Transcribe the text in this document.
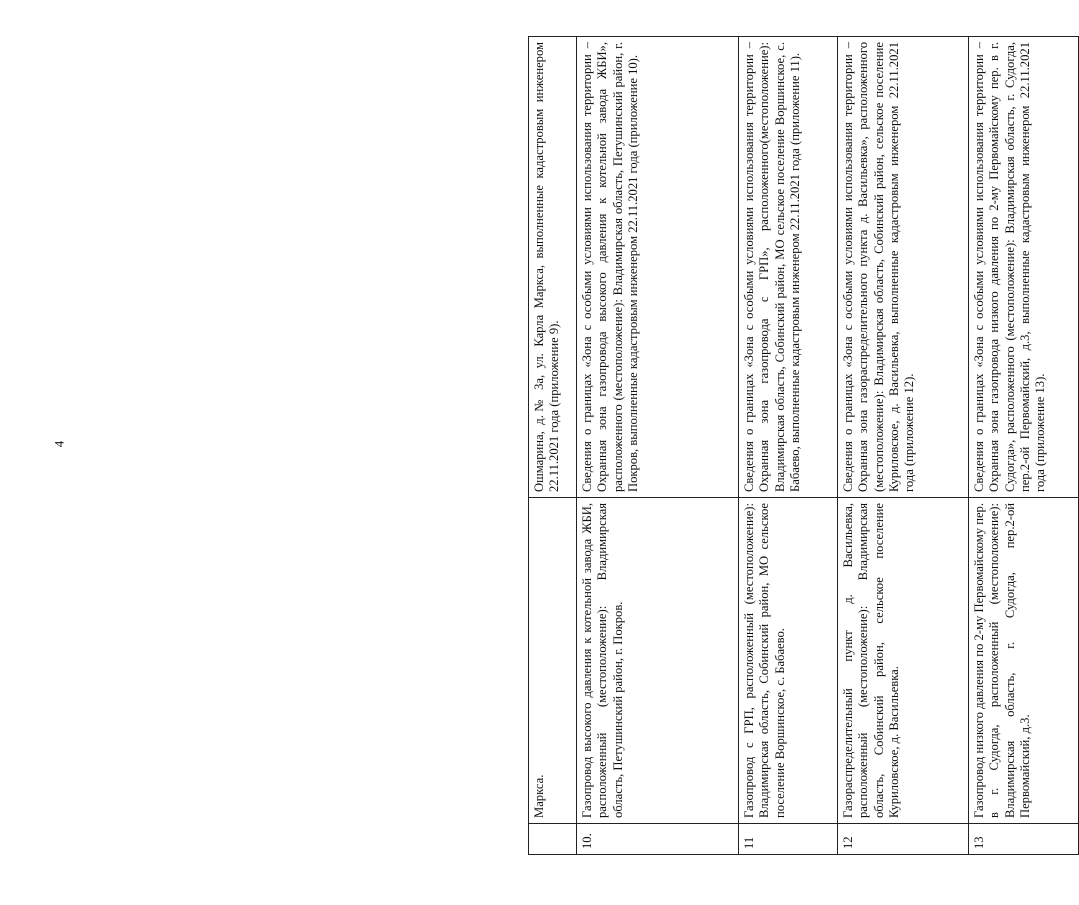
4
	Маркса.	Ошмарина, д.№ 3а, ул. Карла Маркса, выполненные кадастровым инженером 22.11.2021 года (приложение 9).
10.	Газопровод высокого давления к котельной завода ЖБИ, расположенный (местоположение): Владимирская область, Петушинский район, г. Покров.	Сведения о границах «Зона с особыми условиями использования территории – Охранная зона газопровода высокого давления к котельной завода ЖБИ», расположенного (местоположение): Владимирская область, Петушинский район, г. Покров, выполненные кадастровым инженером 22.11.2021 года (приложение 10).
11	Газопровод с ГРП, расположенный (местоположение): Владимирская область, Собинский район, МО сельское поселение Воршинское, с. Бабаево.	Сведения о границах «Зона с особыми условиями использования территории – Охранная зона газопровода с ГРП», расположенного(местоположение): Владимирская область, Собинский район, МО сельское поселение Воршинское, с. Бабаево, выполненные кадастровым инженером 22.11.2021 года (приложение 11).
12	Газораспределительный пункт д. Васильевка, расположенный (местоположение): Владимирская область, Собинский район, сельское поселение Куриловское, д. Васильевка.	Сведения о границах «Зона с особыми условиями использования территории – Охранная зона газораспределительного пункта д. Васильевка», расположенного (местоположение): Владимирская область, Собинский район, сельское поселение Куриловское, д. Васильевка, выполненные кадастровым инженером 22.11.2021 года (приложение 12).
13	Газопровод низкого давления по 2-му Первомайскому пер. в г. Судогда, расположенный (местоположение): Владимирская область, г. Судогда, пер.2-ой Первомайский, д.3.	Сведения о границах «Зона с особыми условиями использования территории – Охранная зона газопровода низкого давления по 2-му Первомайскому пер. в г. Судогда», расположенного (местоположение): Владимирская область, г. Судогда, пер.2-ой Первомайский, д.3, выполненные кадастровым инженером 22.11.2021 года (приложение 13).
